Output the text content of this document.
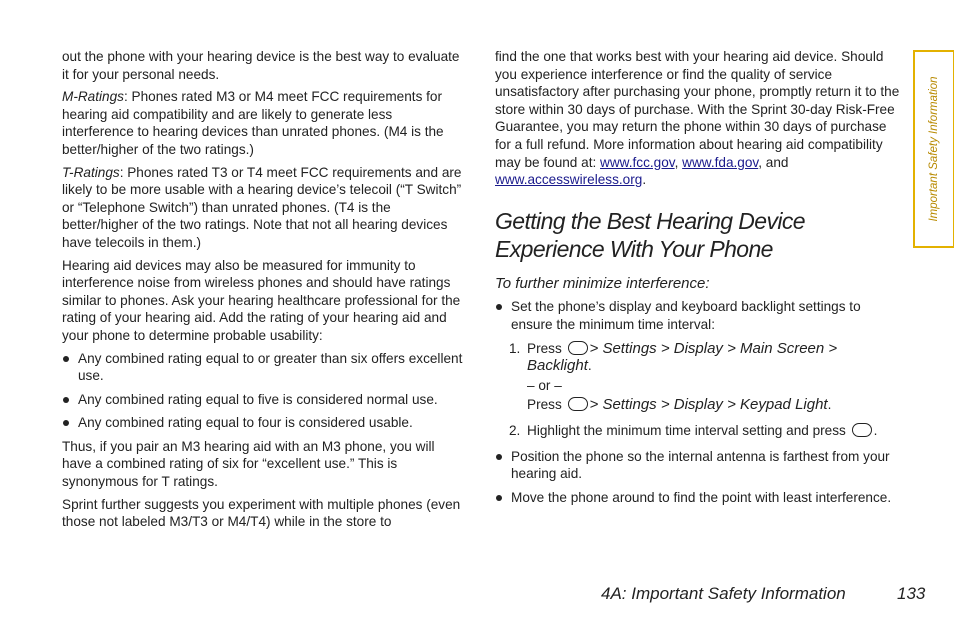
out the phone with your hearing device is the best way to evaluate it for your personal needs.

M-Ratings: Phones rated M3 or M4 meet FCC requirements for hearing aid compatibility and are likely to generate less interference to hearing devices than unrated phones. (M4 is the better/higher of the two ratings.)

T-Ratings: Phones rated T3 or T4 meet FCC requirements and are likely to be more usable with a hearing device’s telecoil (“T Switch” or “Telephone Switch”) than unrated phones. (T4 is the better/higher of the two ratings. Note that not all hearing devices have telecoils in them.)

Hearing aid devices may also be measured for immunity to interference noise from wireless phones and should have ratings similar to phones. Ask your hearing healthcare professional for the rating of your hearing aid. Add the rating of your hearing aid and your phone to determine probable usability:

Any combined rating equal to or greater than six offers excellent use.
Any combined rating equal to five is considered normal use.
Any combined rating equal to four is considered usable.

Thus, if you pair an M3 hearing aid with an M3 phone, you will have a combined rating of six for “excellent use.” This is synonymous for T ratings.

Sprint further suggests you experiment with multiple phones (even those not labeled M3/T3 or M4/T4) while in the store to

find the one that works best with your hearing aid device. Should you experience interference or find the quality of service unsatisfactory after purchasing your phone, promptly return it to the store within 30 days of purchase. With the Sprint 30-day Risk-Free Guarantee, you may return the phone within 30 days of purchase for a full refund. More information about hearing aid compatibility may be found at: www.fcc.gov, www.fda.gov, and www.accesswireless.org.

Getting the Best Hearing Device Experience With Your Phone

To further minimize interference:

Set the phone’s display and keyboard backlight settings to ensure the minimum time interval:
1. Press > Settings > Display > Main Screen > Backlight.
– or –
Press > Settings > Display > Keypad Light.
2. Highlight the minimum time interval setting and press .
Position the phone so the internal antenna is farthest from your hearing aid.
Move the phone around to find the point with least interference.
Important Safety Information
4A: Important Safety Information	133
